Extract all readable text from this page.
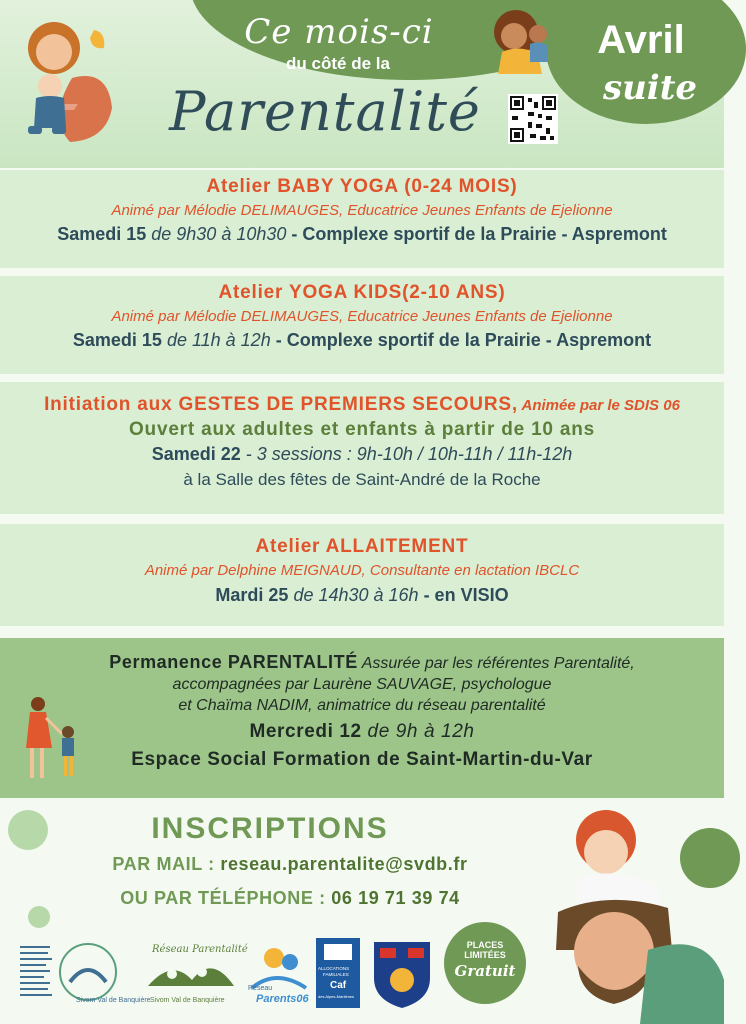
Ce mois-ci
du côté de la
Parentalité
Avril
suite
Atelier BABY YOGA (0-24 MOIS)
Animé par Mélodie DELIMAUGES, Educatrice Jeunes Enfants de Ejelionne
Samedi 15 de 9h30 à 10h30 - Complexe sportif de la Prairie - Aspremont
Atelier YOGA KIDS(2-10 ANS)
Animé par Mélodie DELIMAUGES, Educatrice Jeunes Enfants de Ejelionne
Samedi 15 de 11h à 12h - Complexe sportif de la Prairie - Aspremont
Initiation aux GESTES DE PREMIERS SECOURS, Animée par le SDIS 06
Ouvert aux adultes et enfants à partir de 10 ans
Samedi 22 - 3 sessions : 9h-10h / 10h-11h / 11h-12h
à la Salle des fêtes de Saint-André de la Roche
Atelier ALLAITEMENT
Animé par Delphine MEIGNAUD, Consultante en lactation IBCLC
Mardi 25 de 14h30 à 16h - en VISIO
Permanence PARENTALITÉ Assurée par les référentes Parentalité,
accompagnées par Laurène SAUVAGE, psychologue
et Chaïma NADIM, animatrice du réseau parentalité
Mercredi 12 de 9h à 12h
Espace Social Formation de Saint-Martin-du-Var
INSCRIPTIONS
PAR MAIL : reseau.parentalite@svdb.fr
OU PAR TÉLÉPHONE : 06 19 71 39 74
Sivom Val de Banquière
Réseau Parentalité
Sivom Val de Banquière
Réseau
Parents06
ALLOCATIONS
FAMILIALES
Caf
des Alpes-Maritimes
PLACES
LIMITÉES
Gratuit
